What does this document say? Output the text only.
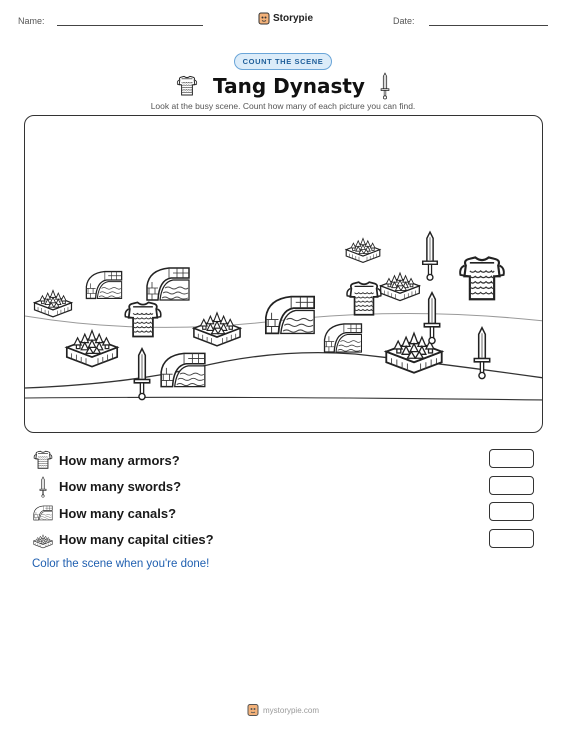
Name:	Storypie	Date:
COUNT THE SCENE
Tang Dynasty
Look at the busy scene. Count how many of each picture you can find.
How many armors?
How many swords?
How many canals?
How many capital cities?
Color the scene when you're done!
mystorypie.com
